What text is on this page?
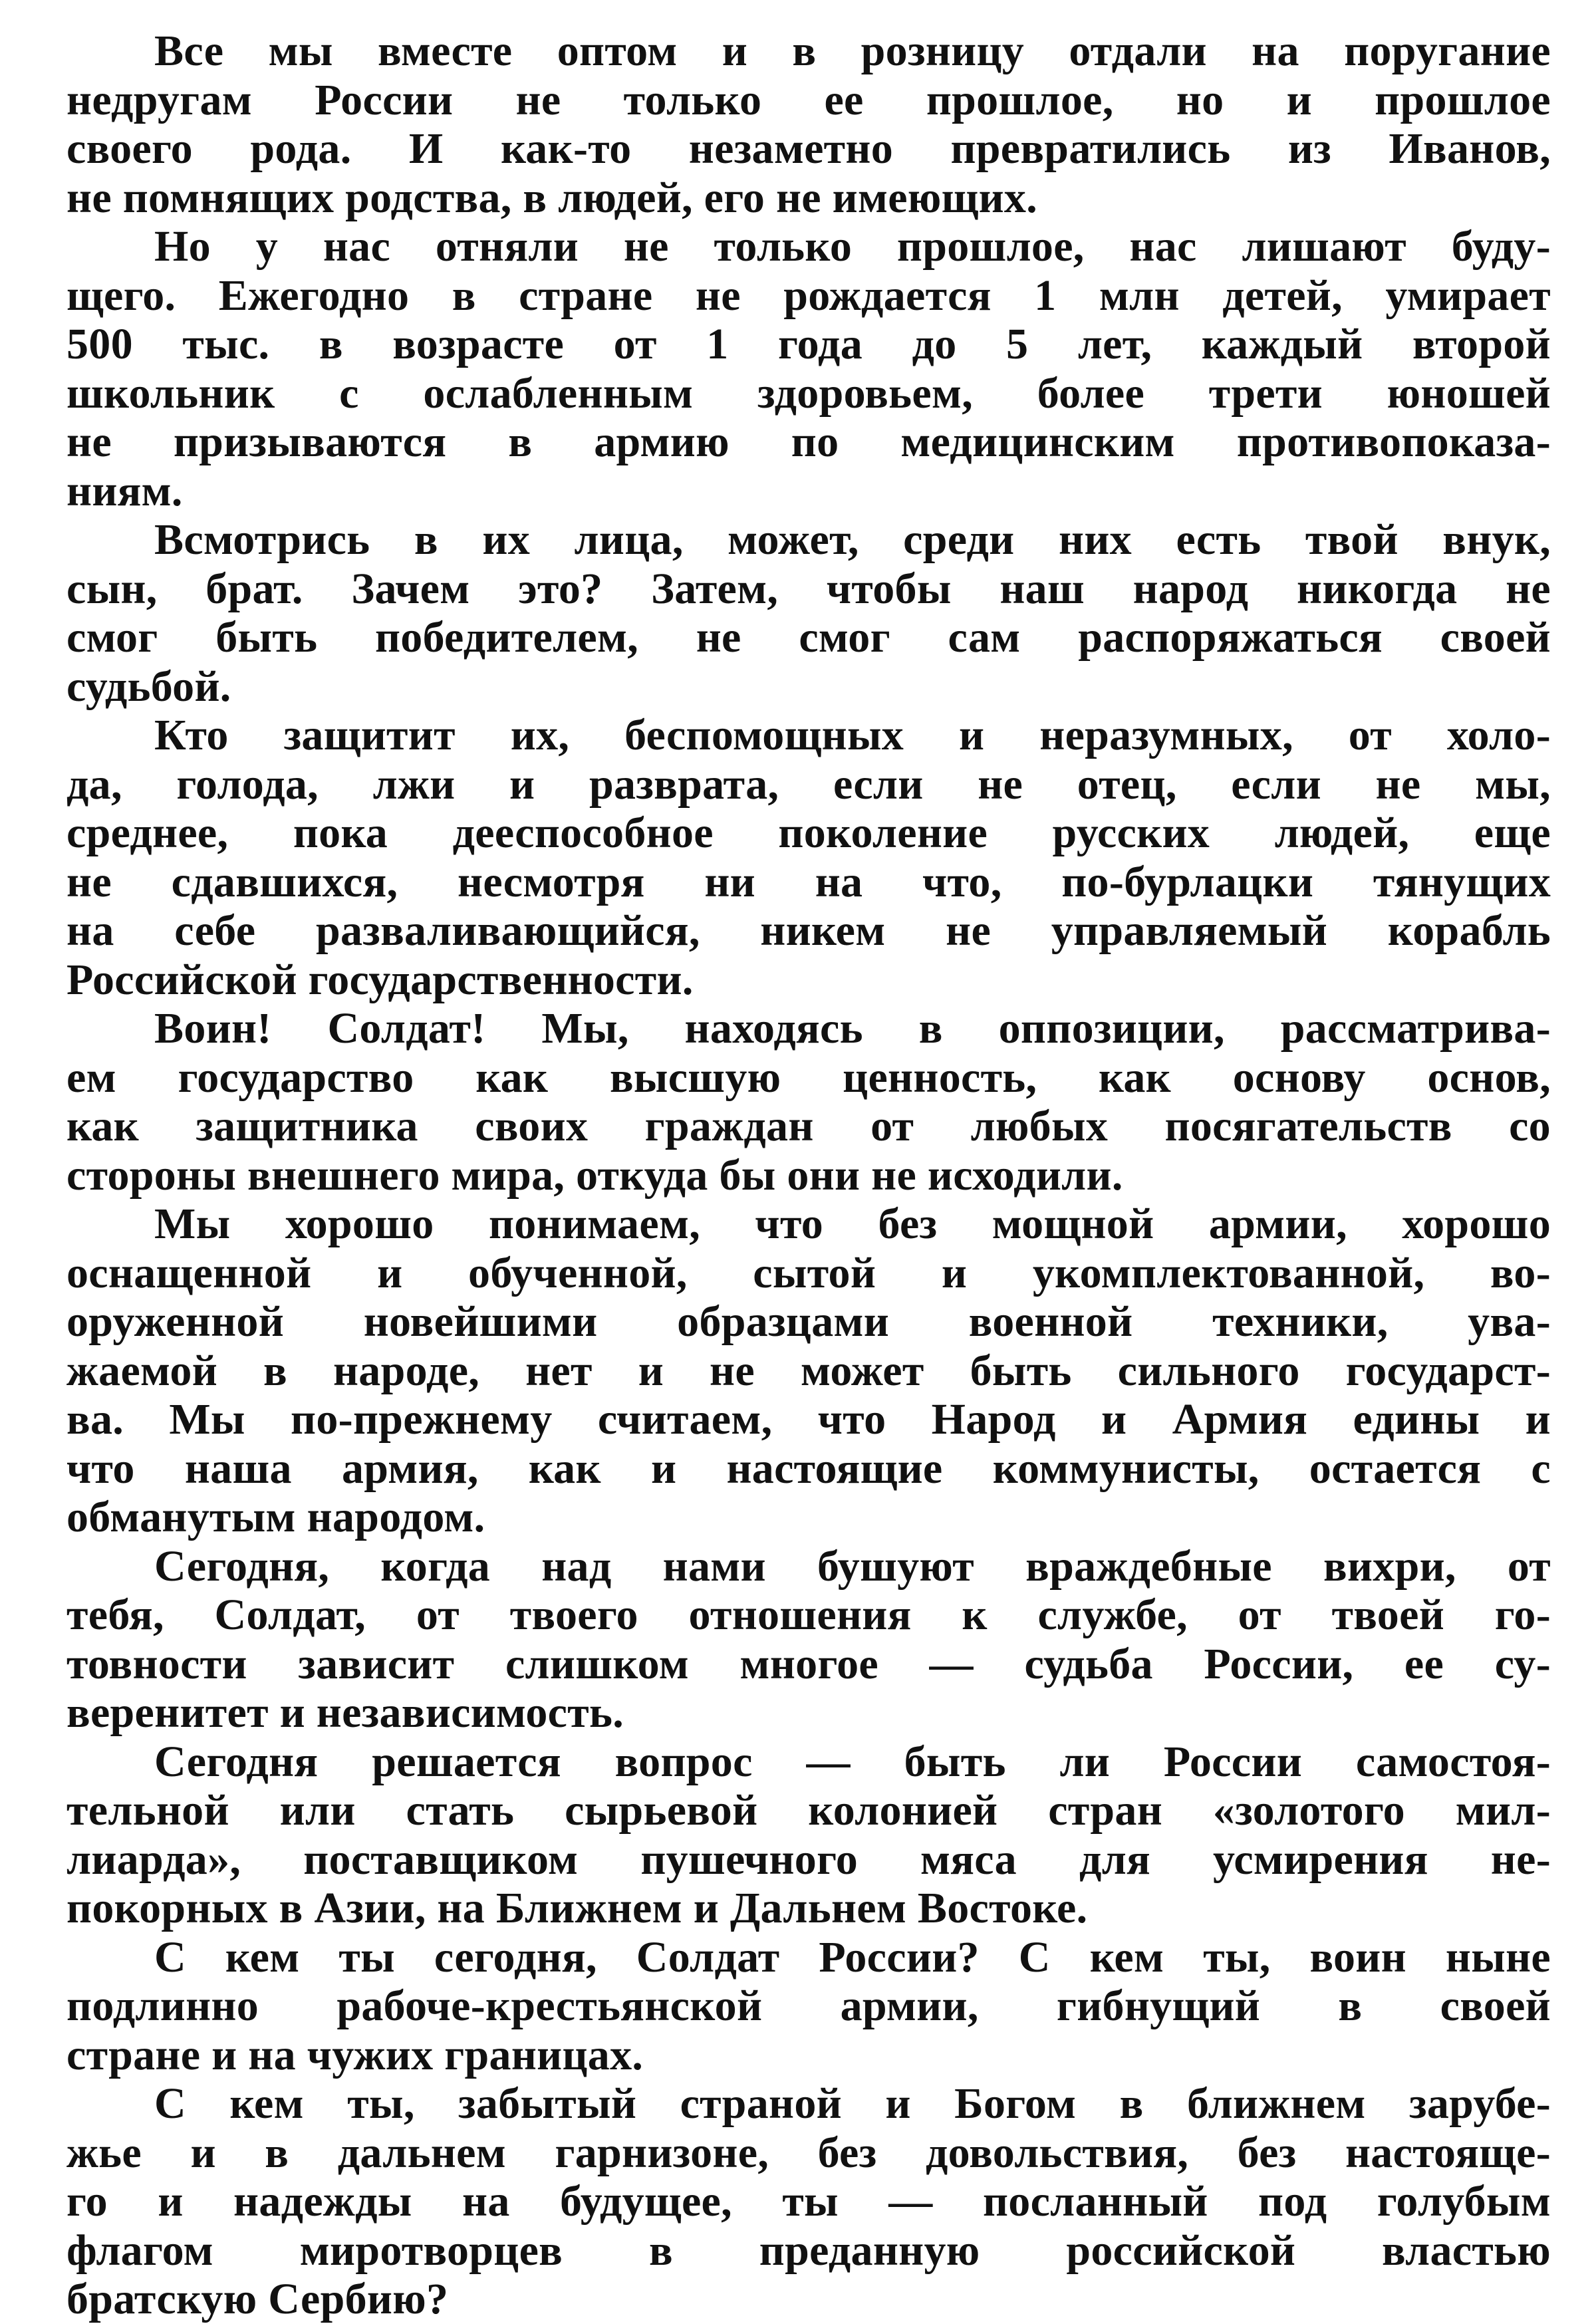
Все мы вместе оптом и в розницу отдали на поругание
недругам России не только ее прошлое, но и прошлое
своего рода. И как-то незаметно превратились из Иванов,
не помнящих родства, в людей, его не имеющих.
Но у нас отняли не только прошлое, нас лишают буду-
щего. Ежегодно в стране не рождается 1 млн детей, умирает
500 тыс. в возрасте от 1 года до 5 лет, каждый второй
школьник с ослабленным здоровьем, более трети юношей
не призываются в армию по медицинским противопоказа-
ниям.
Всмотрись в их лица, может, среди них есть твой внук,
сын, брат. Зачем это? Затем, чтобы наш народ никогда не
смог быть победителем, не смог сам распоряжаться своей
судьбой.
Кто защитит их, беспомощных и неразумных, от холо-
да, голода, лжи и разврата, если не отец, если не мы,
среднее, пока дееспособное поколение русских людей, еще
не сдавшихся, несмотря ни на что, по-бурлацки тянущих
на себе разваливающийся, никем не управляемый корабль
Российской государственности.
Воин! Солдат! Мы, находясь в оппозиции, рассматрива-
ем государство как высшую ценность, как основу основ,
как защитника своих граждан от любых посягательств со
стороны внешнего мира, откуда бы они не исходили.
Мы хорошо понимаем, что без мощной армии, хорошо
оснащенной и обученной, сытой и укомплектованной, во-
оруженной новейшими образцами военной техники, ува-
жаемой в народе, нет и не может быть сильного государст-
ва. Мы по-прежнему считаем, что Народ и Армия едины и
что наша армия, как и настоящие коммунисты, остается с
обманутым народом.
Сегодня, когда над нами бушуют враждебные вихри, от
тебя, Солдат, от твоего отношения к службе, от твоей го-
товности зависит слишком многое — судьба России, ее су-
веренитет и независимость.
Сегодня решается вопрос — быть ли России самостоя-
тельной или стать сырьевой колонией стран «золотого мил-
лиарда», поставщиком пушечного мяса для усмирения не-
покорных в Азии, на Ближнем и Дальнем Востоке.
С кем ты сегодня, Солдат России? С кем ты, воин ныне
подлинно рабоче-крестьянской армии, гибнущий в своей
стране и на чужих границах.
С кем ты, забытый страной и Богом в ближнем зарубе-
жье и в дальнем гарнизоне, без довольствия, без настояще-
го и надежды на будущее, ты — посланный под голубым
флагом миротворцев в преданную российской властью
братскую Сербию?
